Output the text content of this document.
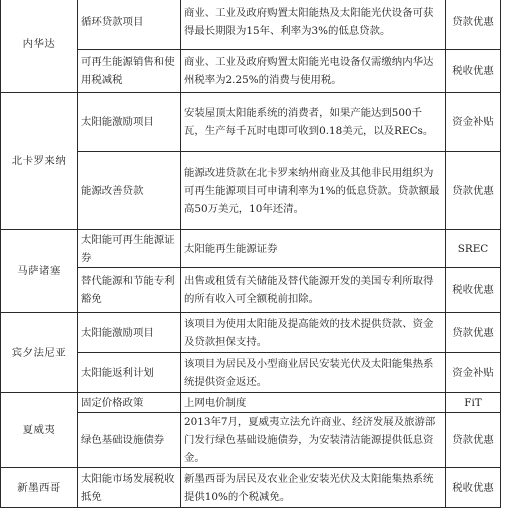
内华达	循环贷款项目	商业、工业及政府购置太阳能热及太阳能光伏设备可获得最长期限为15年、利率为3%的低息贷款。	贷款优惠
	可再生能源销售和使用税减税	商业、工业及政府购置太阳能光电设备仅需缴纳内华达州税率为2.25%的消费与使用税。	税收优惠
北卡罗来纳	太阳能激励项目	安装屋顶太阳能系统的消费者，如果产能达到500千瓦，生产每千瓦时电即可收到0.18美元，以及RECs。	资金补贴
	能源改善贷款	能源改进贷款在北卡罗来纳州商业及其他非民用组织为可再生能源项目可申请利率为1%的低息贷款。贷款额最高50万美元，10年还清。	贷款优惠
马萨诸塞	太阳能可再生能源证券	太阳能再生能源证券	SREC
	替代能源和节能专利豁免	出售或租赁有关储能及替代能源开发的美国专利所取得的所有收入可全额税前扣除。	税收优惠
宾夕法尼亚	太阳能激励项目	该项目为使用太阳能及提高能效的技术提供贷款、资金及贷款担保支持。	贷款优惠
	太阳能返利计划	该项目为居民及小型商业居民安装光伏及太阳能集热系统提供资金返还。	资金补贴
夏威夷	固定价格政策	上网电价制度	FiT
	绿色基础设施债券	2013年7月，夏威夷立法允许商业、经济发展及旅游部门发行绿色基础设施债券，为安装清洁能源提供低息资金。	贷款优惠
新墨西哥	太阳能市场发展税收抵免	新墨西哥为居民及农业企业安装光伏及太阳能集热系统提供10%的个税减免。	税收优惠
